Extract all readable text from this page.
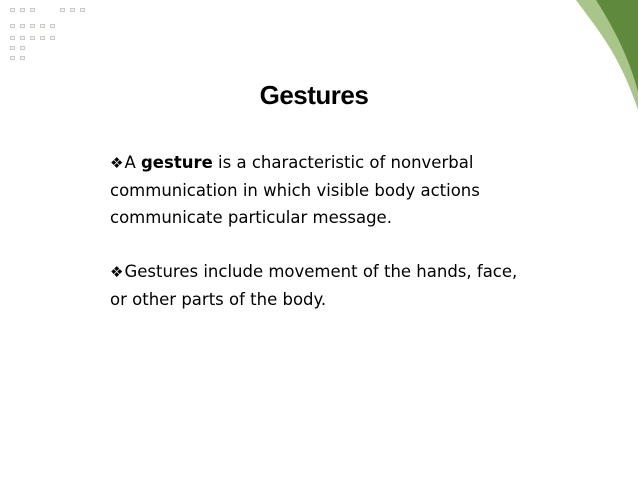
Gestures

❖A gesture is a characteristic of nonverbal communication in which visible body actions communicate particular message.

❖Gestures include movement of the hands, face, or other parts of the body.
